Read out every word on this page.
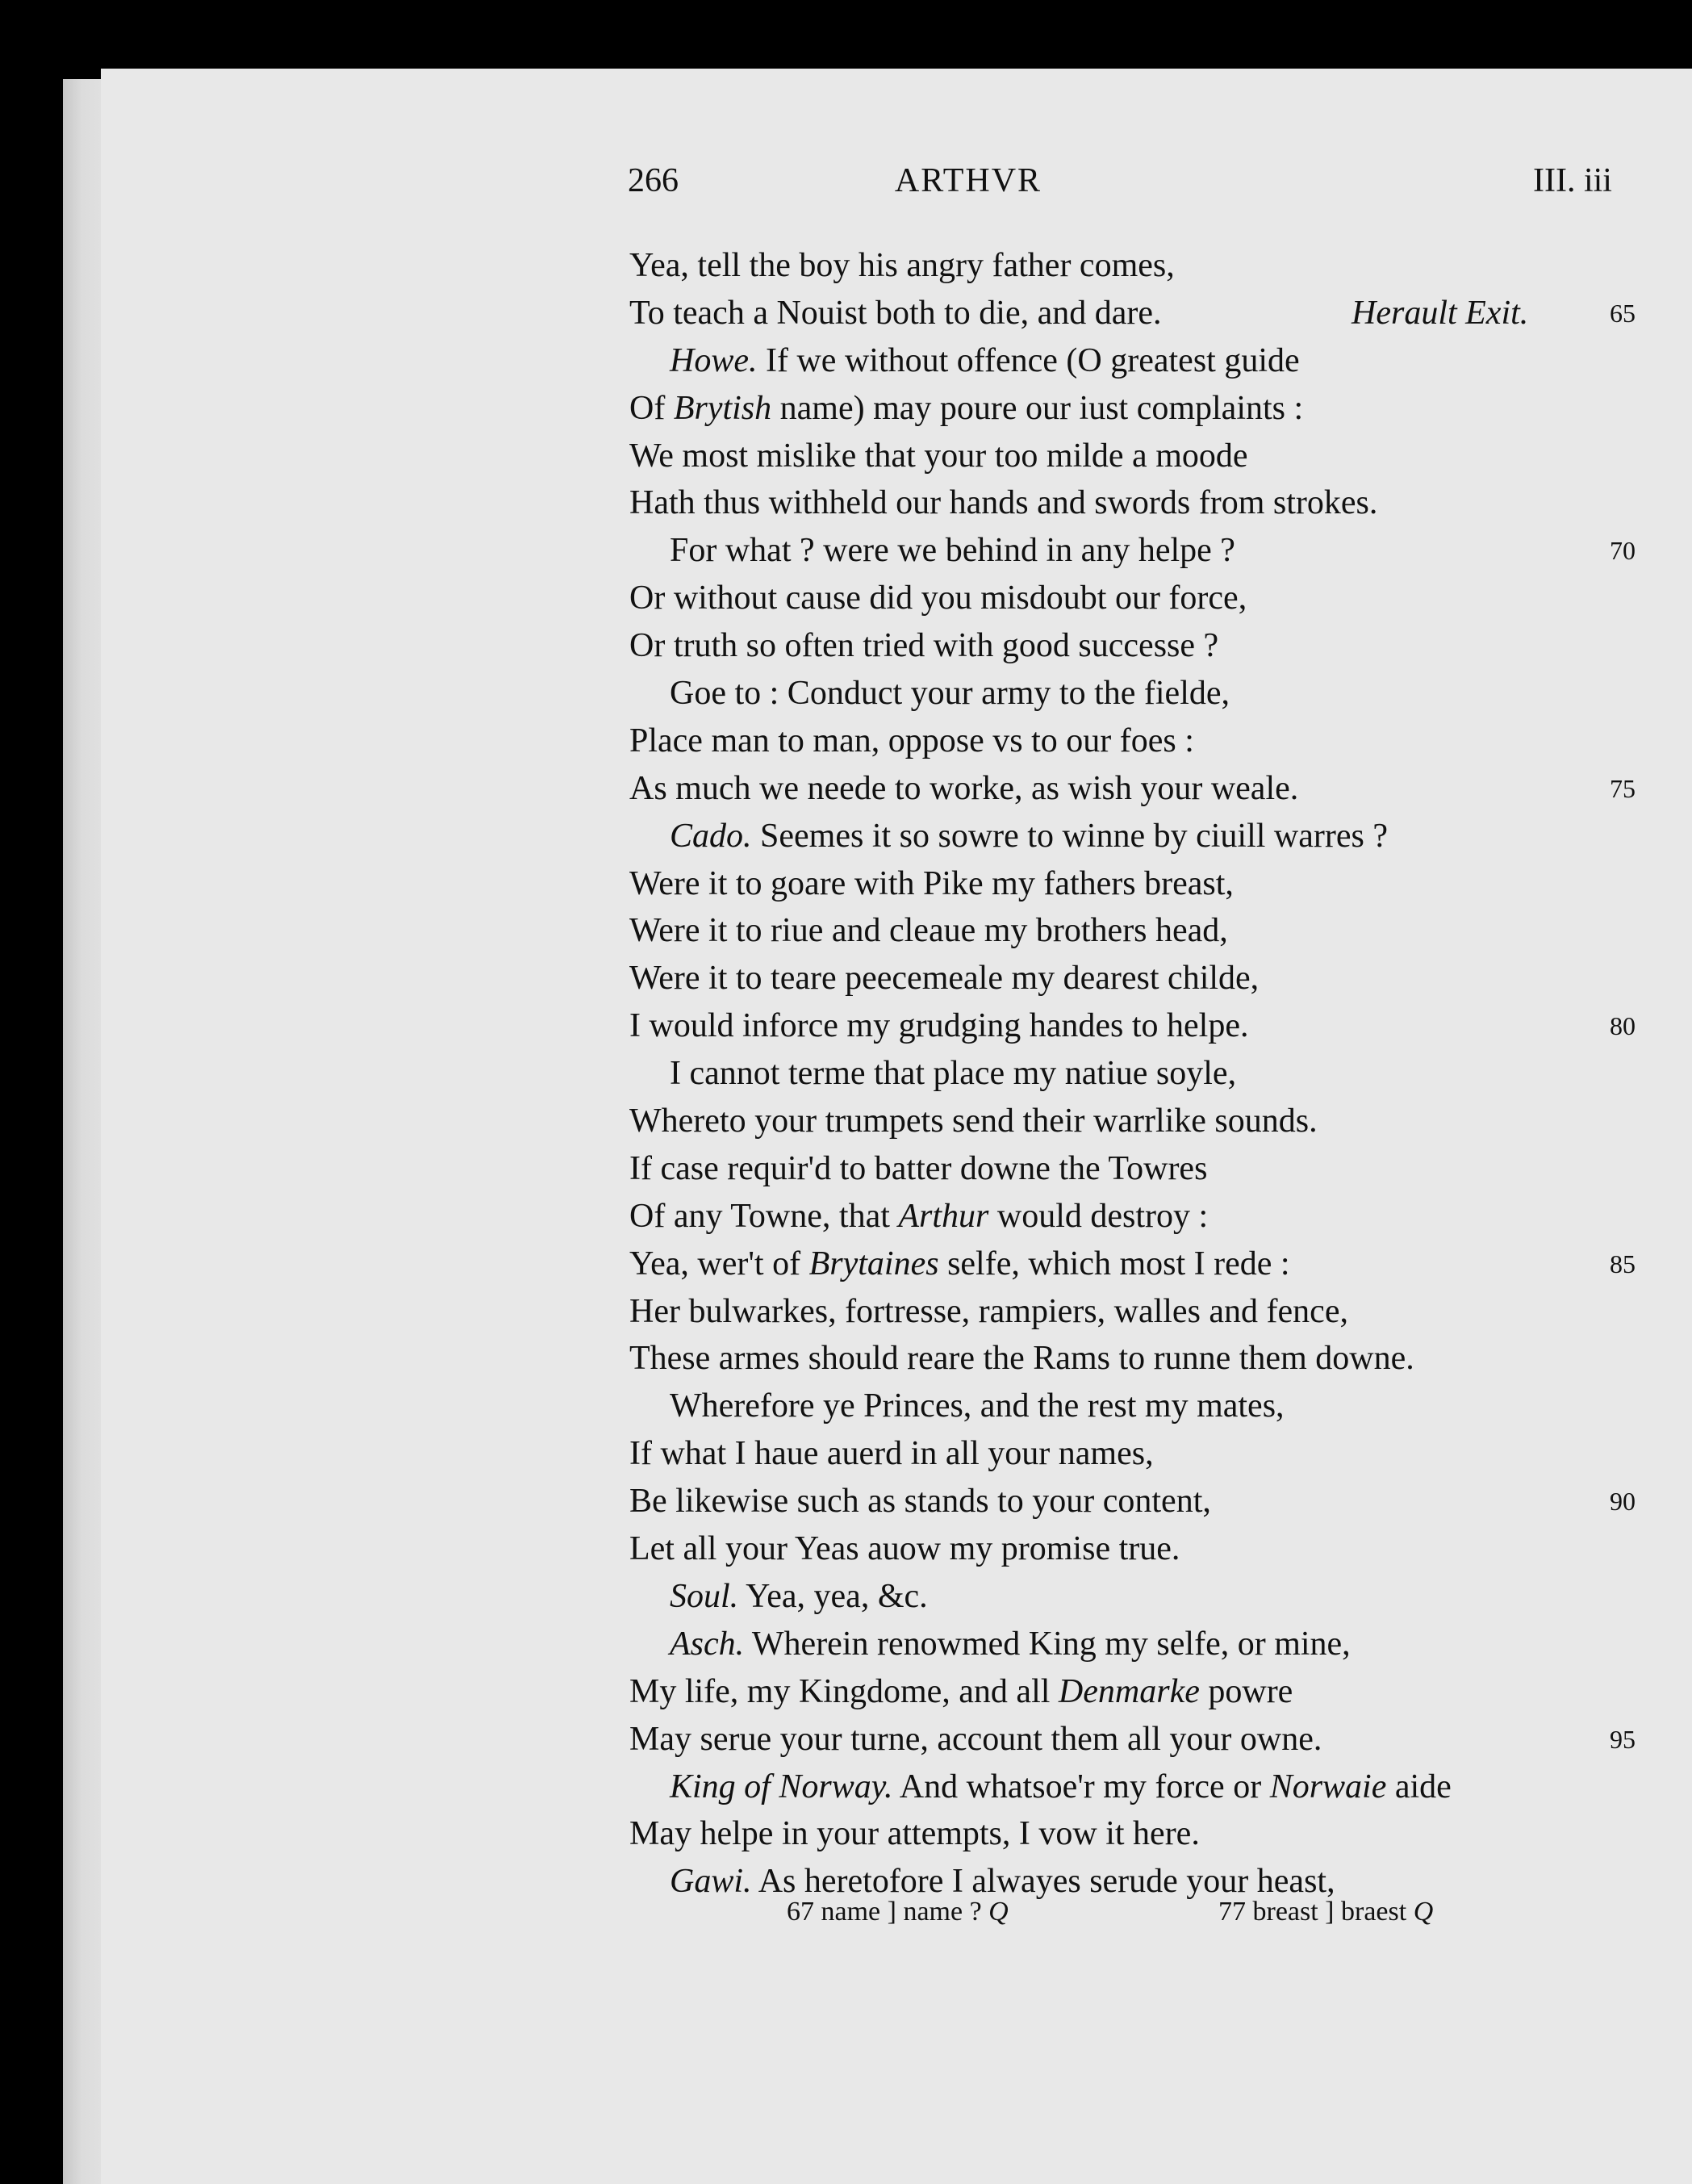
266	ARTHVR	III. iii
Yea, tell the boy his angry father comes,
To teach a Nouist both to die, and dare.	Herault Exit.	65
Howe. If we without offence (O greatest guide
Of Brytish name) may poure our iust complaints :
We most mislike that your too milde a moode
Hath thus withheld our hands and swords from strokes.
For what ? were we behind in any helpe ?	70
Or without cause did you misdoubt our force,
Or truth so often tried with good successe ?
Goe to : Conduct your army to the fielde,
Place man to man, oppose vs to our foes :
As much we neede to worke, as wish your weale.	75
Cado. Seemes it so sowre to winne by ciuill warres ?
Were it to goare with Pike my fathers breast,
Were it to riue and cleaue my brothers head,
Were it to teare peecemeale my dearest childe,
I would inforce my grudging handes to helpe.	80
I cannot terme that place my natiue soyle,
Whereto your trumpets send their warrlike sounds.
If case requir'd to batter downe the Towres
Of any Towne, that Arthur would destroy :
Yea, wer't of Brytaines selfe, which most I rede :	85
Her bulwarkes, fortresse, rampiers, walles and fence,
These armes should reare the Rams to runne them downe.
Wherefore ye Princes, and the rest my mates,
If what I haue auerd in all your names,
Be likewise such as stands to your content,	90
Let all your Yeas auow my promise true.
Soul. Yea, yea, &c.
Asch. Wherein renowmed King my selfe, or mine,
My life, my Kingdome, and all Denmarke powre
May serue your turne, account them all your owne.	95
King of Norway. And whatsoe'r my force or Norwaie aide
May helpe in your attempts, I vow it here.
Gawi. As heretofore I alwayes serude your heast,
67 name ] name ? Q	77 breast ] braest Q
